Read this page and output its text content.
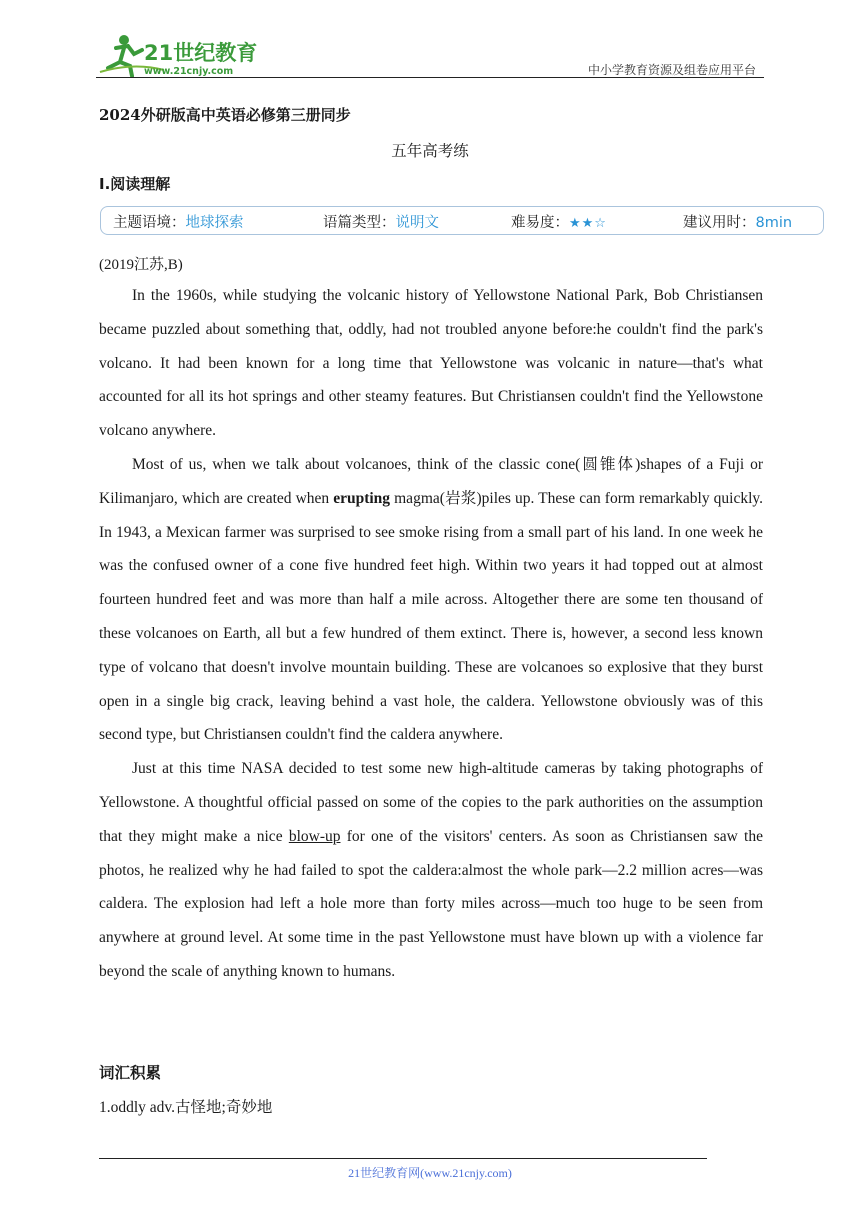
21世纪教育
www.21cnjy.com	中小学教育资源及组卷应用平台
2024外研版高中英语必修第三册同步
五年高考练
Ⅰ.阅读理解
主题语境：地球探索	语篇类型：说明文	难易度：★★☆	建议用时：8min
(2019江苏,B)

In the 1960s, while studying the volcanic history of Yellowstone National Park, Bob Christiansen became puzzled about something that, oddly, had not troubled anyone before:he couldn't find the park's volcano. It had been known for a long time that Yellowstone was volcanic in nature—that's what accounted for all its hot springs and other steamy features. But Christiansen couldn't find the Yellowstone volcano anywhere.

Most of us, when we talk about volcanoes, think of the classic cone(圆锥体)shapes of a Fuji or Kilimanjaro, which are created when erupting magma(岩浆)piles up. These can form remarkably quickly. In 1943, a Mexican farmer was surprised to see smoke rising from a small part of his land. In one week he was the confused owner of a cone five hundred feet high. Within two years it had topped out at almost fourteen hundred feet and was more than half a mile across. Altogether there are some ten thousand of these volcanoes on Earth, all but a few hundred of them extinct. There is, however, a second less known type of volcano that doesn't involve mountain building. These are volcanoes so explosive that they burst open in a single big crack, leaving behind a vast hole, the caldera. Yellowstone obviously was of this second type, but Christiansen couldn't find the caldera anywhere.

Just at this time NASA decided to test some new high-altitude cameras by taking photographs of Yellowstone. A thoughtful official passed on some of the copies to the park authorities on the assumption that they might make a nice blow-up for one of the visitors' centers. As soon as Christiansen saw the photos, he realized why he had failed to spot the caldera:almost the whole park—2.2 million acres—was caldera. The explosion had left a hole more than forty miles across—much too huge to be seen from anywhere at ground level. At some time in the past Yellowstone must have blown up with a violence far beyond the scale of anything known to humans.

词汇积累
1.oddly adv.古怪地;奇妙地
21世纪教育网(www.21cnjy.com)
